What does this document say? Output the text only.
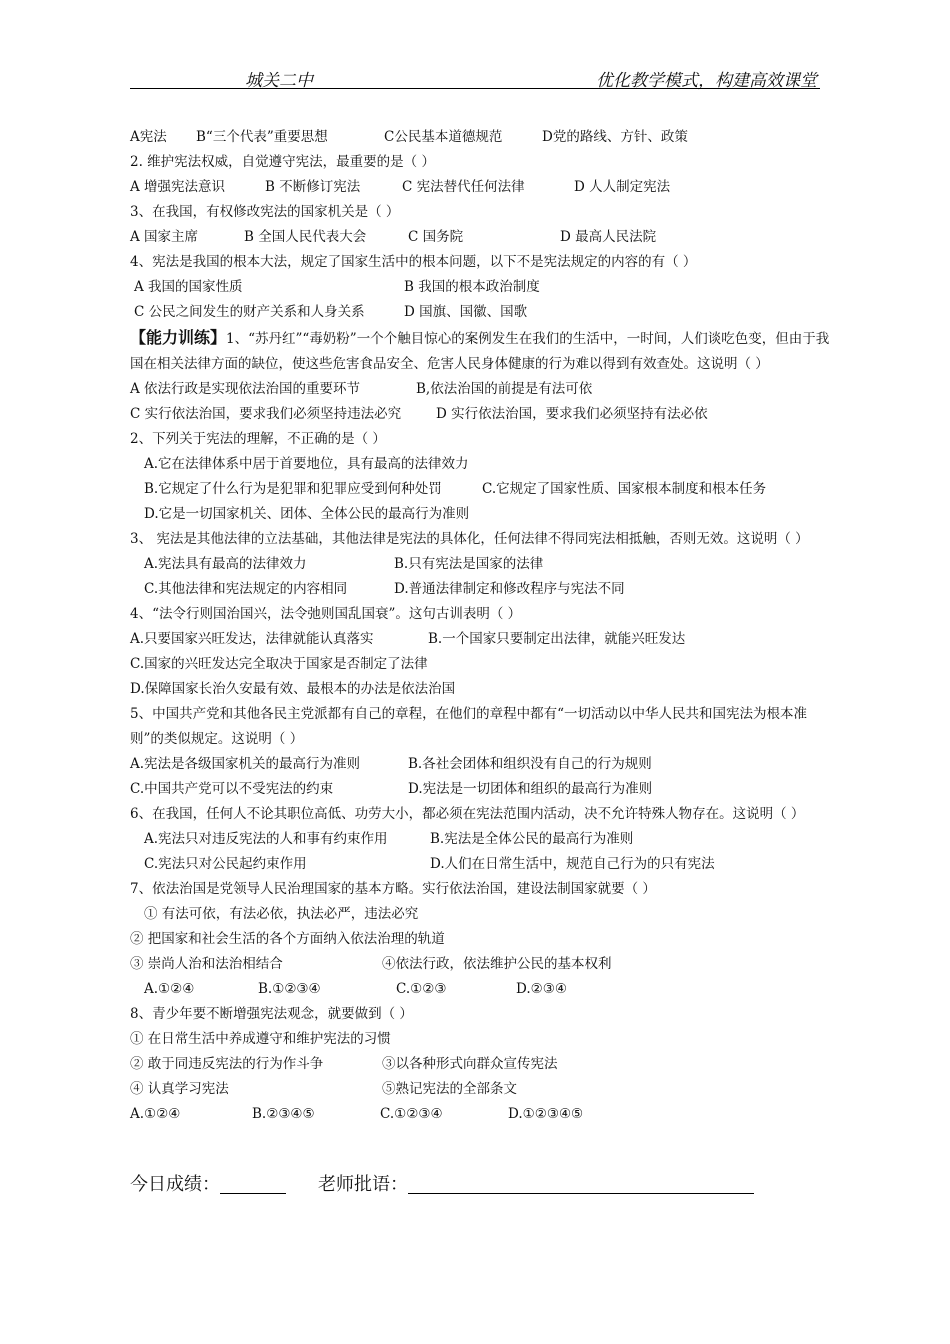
城关二中	优化教学模式，构建高效课堂
A宪法 B“三个代表”重要思想	C公民基本道德规范	D党的路线、方针、政策
2. 维护宪法权威，自觉遵守宪法，最重要的是（ ）
A 增强宪法意识	B 不断修订宪法	C 宪法替代任何法律	D 人人制定宪法
3、在我国，有权修改宪法的国家机关是（ ）
A 国家主席	B 全国人民代表大会	C 国务院	D 最高人民法院
4、宪法是我国的根本大法，规定了国家生活中的根本问题，以下不是宪法规定的内容的有（ ）
A 我国的国家性质	B 我国的根本政治制度
C 公民之间发生的财产关系和人身关系	D 国旗、国徽、国歌
【能力训练】1、“苏丹红”“毒奶粉”一个个触目惊心的案例发生在我们的生活中，一时间，人们谈吃色变，但由于我国在相关法律方面的缺位，使这些危害食品安全、危害人民身体健康的行为难以得到有效查处。这说明（ ）
A 依法行政是实现依法治国的重要环节	B,依法治国的前提是有法可依
C 实行依法治国，要求我们必须坚持违法必究	D 实行依法治国，要求我们必须坚持有法必依
2、下列关于宪法的理解，不正确的是（ ）
A.它在法律体系中居于首要地位，具有最高的法律效力
B.它规定了什么行为是犯罪和犯罪应受到何种处罚	C.它规定了国家性质、国家根本制度和根本任务
D.它是一切国家机关、团体、全体公民的最高行为准则
3、 宪法是其他法律的立法基础，其他法律是宪法的具体化，任何法律不得同宪法相抵触，否则无效。这说明（ ）
A.宪法具有最高的法律效力	B.只有宪法是国家的法律
C.其他法律和宪法规定的内容相同	D.普通法律制定和修改程序与宪法不同
4、“法令行则国治国兴，法令弛则国乱国衰”。这句古训表明（ ）
A.只要国家兴旺发达，法律就能认真落实	B.一个国家只要制定出法律，就能兴旺发达
C.国家的兴旺发达完全取决于国家是否制定了法律
D.保障国家长治久安最有效、最根本的办法是依法治国
5、中国共产党和其他各民主党派都有自己的章程，在他们的章程中都有“一切活动以中华人民共和国宪法为根本准则”的类似规定。这说明（ ）
A.宪法是各级国家机关的最高行为准则	B.各社会团体和组织没有自己的行为规则
C.中国共产党可以不受宪法的约束	D.宪法是一切团体和组织的最高行为准则
6、在我国，任何人不论其职位高低、功劳大小，都必须在宪法范围内活动，决不允许特殊人物存在。这说明（ ）
A.宪法只对违反宪法的人和事有约束作用	B.宪法是全体公民的最高行为准则
C.宪法只对公民起约束作用	D.人们在日常生活中，规范自己行为的只有宪法
7、依法治国是党领导人民治理国家的基本方略。实行依法治国，建设法制国家就要（ ）
① 有法可依，有法必依，执法必严，违法必究
② 把国家和社会生活的各个方面纳入依法治理的轨道
③ 崇尚人治和法治相结合	④依法行政，依法维护公民的基本权利
A.①②④	B.①②③④	C.①②③	D.②③④
8、青少年要不断增强宪法观念，就要做到（ ）
① 在日常生活中养成遵守和维护宪法的习惯
② 敢于同违反宪法的行为作斗争	③以各种形式向群众宣传宪法
④ 认真学习宪法	⑤熟记宪法的全部条文
A.①②④	B.②③④⑤	C.①②③④	D.①②③④⑤
今日成绩：	老师批语：
